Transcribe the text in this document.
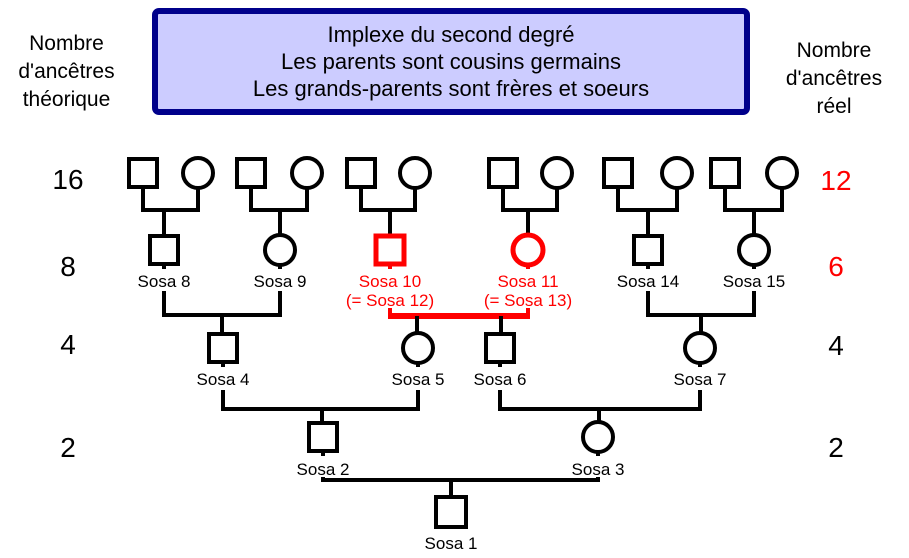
Nombre
d'ancêtres
théorique
Implexe du second degré
Les parents sont cousins germains
Les grands-parents sont frères et soeurs
Nombre
d'ancêtres
réel
16
8
4
2
12
6
4
2
Sosa 8	Sosa 9	Sosa 10
(= Sosa 12)
Sosa 11
(= Sosa 13)
Sosa 14	Sosa 15
Sosa 4	Sosa 5 Sosa 6	Sosa 7
Sosa 2	Sosa 3
Sosa 1
